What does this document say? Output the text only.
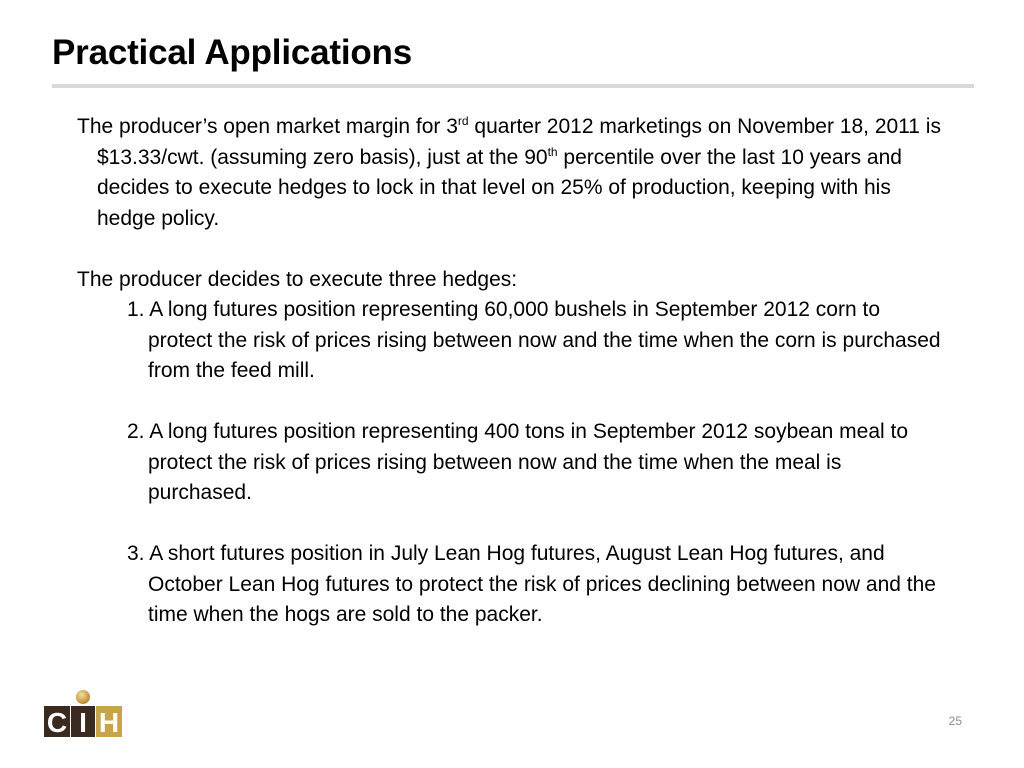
Practical Applications

The producer’s open market margin for 3rd quarter 2012 marketings on November 18, 2011 is $13.33/cwt. (assuming zero basis), just at the 90th percentile over the last 10 years and decides to execute hedges to lock in that level on 25% of production, keeping with his hedge policy.

The producer decides to execute three hedges:

1. A long futures position representing 60,000 bushels in September 2012 corn to protect the risk of prices rising between now and the time when the corn is purchased from the feed mill.
2. A long futures position representing 400 tons in September 2012 soybean meal to protect the risk of prices rising between now and the time when the meal is purchased.
3. A short futures position in July Lean Hog futures, August Lean Hog futures, and October Lean Hog futures to protect the risk of prices declining between now and the time when the hogs are sold to the packer.
C I H	25
